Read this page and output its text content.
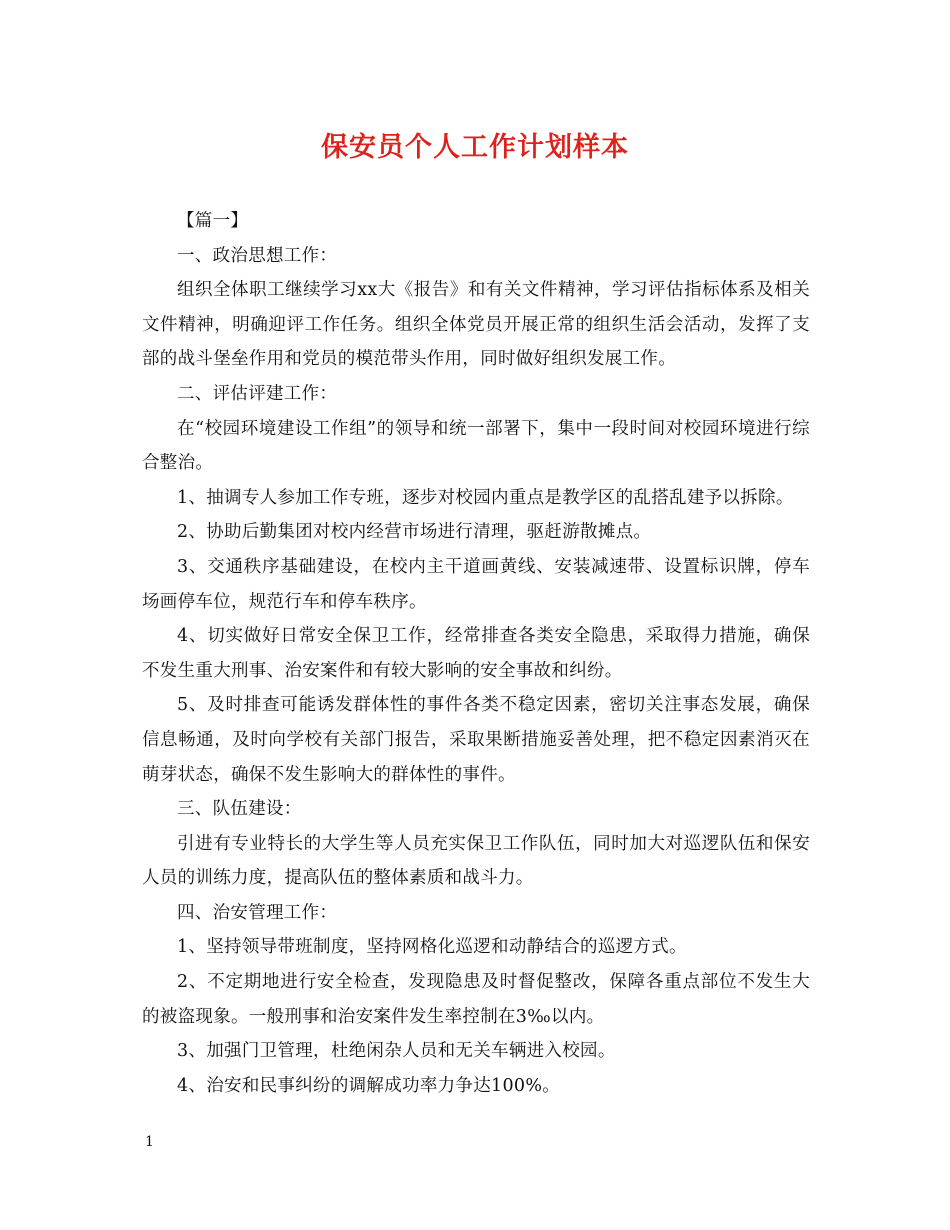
保安员个人工作计划样本

【篇一】

一、政治思想工作：

组织全体职工继续学习xx大《报告》和有关文件精神，学习评估指标体系及相关文件精神，明确迎评工作任务。组织全体党员开展正常的组织生活会活动，发挥了支部的战斗堡垒作用和党员的模范带头作用，同时做好组织发展工作。

二、评估评建工作：

在“校园环境建设工作组”的领导和统一部署下，集中一段时间对校园环境进行综合整治。

1、抽调专人参加工作专班，逐步对校园内重点是教学区的乱搭乱建予以拆除。

2、协助后勤集团对校内经营市场进行清理，驱赶游散摊点。

3、交通秩序基础建设，在校内主干道画黄线、安装减速带、设置标识牌，停车场画停车位，规范行车和停车秩序。

4、切实做好日常安全保卫工作，经常排查各类安全隐患，采取得力措施，确保不发生重大刑事、治安案件和有较大影响的安全事故和纠纷。

5、及时排查可能诱发群体性的事件各类不稳定因素，密切关注事态发展，确保信息畅通，及时向学校有关部门报告，采取果断措施妥善处理，把不稳定因素消灭在萌芽状态，确保不发生影响大的群体性的事件。

三、队伍建设：

引进有专业特长的大学生等人员充实保卫工作队伍，同时加大对巡逻队伍和保安人员的训练力度，提高队伍的整体素质和战斗力。

四、治安管理工作：

1、坚持领导带班制度，坚持网格化巡逻和动静结合的巡逻方式。

2、不定期地进行安全检查，发现隐患及时督促整改，保障各重点部位不发生大的被盗现象。一般刑事和治安案件发生率控制在3‰以内。

3、加强门卫管理，杜绝闲杂人员和无关车辆进入校园。

4、治安和民事纠纷的调解成功率力争达100%。

1
